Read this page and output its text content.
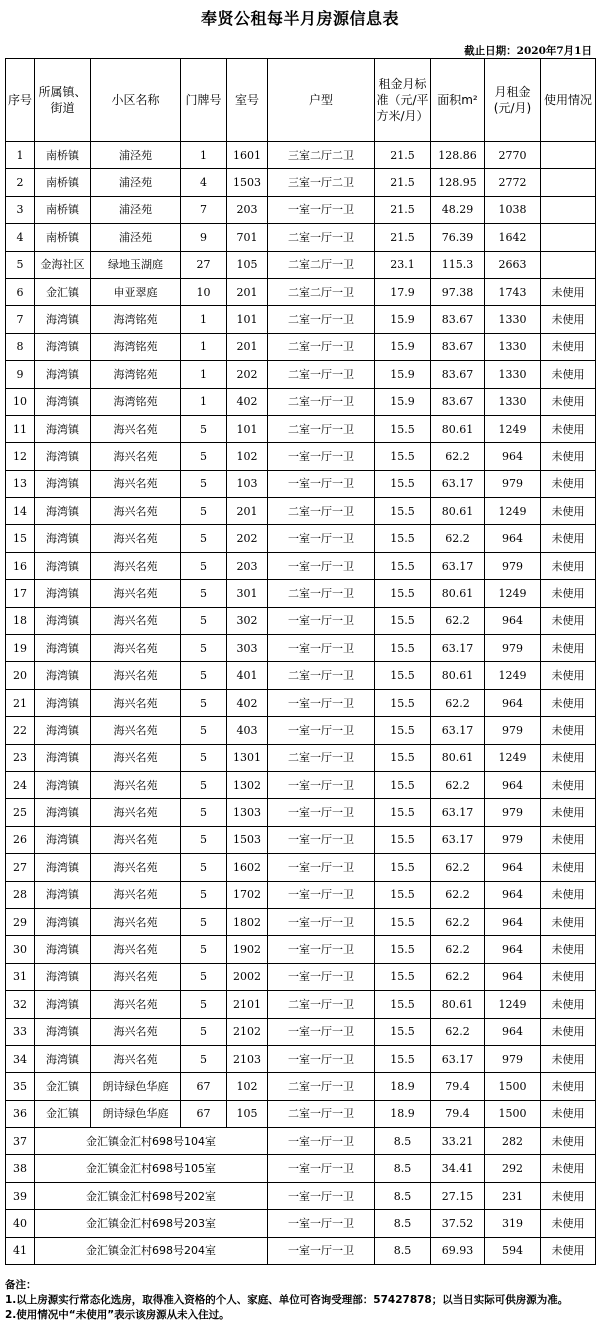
奉贤公租每半月房源信息表
截止日期：2020年7月1日
序号	所属镇、街道	小区名称	门牌号	室号	户型	租金月标准（元/平方米/月）	面积m²	月租金(元/月)	使用情况
1	南桥镇	浦泾苑	1	1601	三室二厅二卫	21.5	128.86	2770	
2	南桥镇	浦泾苑	4	1503	三室一厅二卫	21.5	128.95	2772	
3	南桥镇	浦泾苑	7	203	一室一厅一卫	21.5	48.29	1038	
4	南桥镇	浦泾苑	9	701	二室一厅一卫	21.5	76.39	1642	
5	金海社区	绿地玉湖庭	27	105	二室二厅一卫	23.1	115.3	2663	
6	金汇镇	申亚翠庭	10	201	二室二厅一卫	17.9	97.38	1743	未使用
7	海湾镇	海湾铭苑	1	101	二室一厅一卫	15.9	83.67	1330	未使用
8	海湾镇	海湾铭苑	1	201	二室一厅一卫	15.9	83.67	1330	未使用
9	海湾镇	海湾铭苑	1	202	二室一厅一卫	15.9	83.67	1330	未使用
10	海湾镇	海湾铭苑	1	402	二室一厅一卫	15.9	83.67	1330	未使用
11	海湾镇	海兴名苑	5	101	二室一厅一卫	15.5	80.61	1249	未使用
12	海湾镇	海兴名苑	5	102	一室一厅一卫	15.5	62.2	964	未使用
13	海湾镇	海兴名苑	5	103	一室一厅一卫	15.5	63.17	979	未使用
14	海湾镇	海兴名苑	5	201	二室一厅一卫	15.5	80.61	1249	未使用
15	海湾镇	海兴名苑	5	202	一室一厅一卫	15.5	62.2	964	未使用
16	海湾镇	海兴名苑	5	203	一室一厅一卫	15.5	63.17	979	未使用
17	海湾镇	海兴名苑	5	301	二室一厅一卫	15.5	80.61	1249	未使用
18	海湾镇	海兴名苑	5	302	一室一厅一卫	15.5	62.2	964	未使用
19	海湾镇	海兴名苑	5	303	一室一厅一卫	15.5	63.17	979	未使用
20	海湾镇	海兴名苑	5	401	二室一厅一卫	15.5	80.61	1249	未使用
21	海湾镇	海兴名苑	5	402	一室一厅一卫	15.5	62.2	964	未使用
22	海湾镇	海兴名苑	5	403	一室一厅一卫	15.5	63.17	979	未使用
23	海湾镇	海兴名苑	5	1301	二室一厅一卫	15.5	80.61	1249	未使用
24	海湾镇	海兴名苑	5	1302	一室一厅一卫	15.5	62.2	964	未使用
25	海湾镇	海兴名苑	5	1303	一室一厅一卫	15.5	63.17	979	未使用
26	海湾镇	海兴名苑	5	1503	一室一厅一卫	15.5	63.17	979	未使用
27	海湾镇	海兴名苑	5	1602	一室一厅一卫	15.5	62.2	964	未使用
28	海湾镇	海兴名苑	5	1702	一室一厅一卫	15.5	62.2	964	未使用
29	海湾镇	海兴名苑	5	1802	一室一厅一卫	15.5	62.2	964	未使用
30	海湾镇	海兴名苑	5	1902	一室一厅一卫	15.5	62.2	964	未使用
31	海湾镇	海兴名苑	5	2002	一室一厅一卫	15.5	62.2	964	未使用
32	海湾镇	海兴名苑	5	2101	二室一厅一卫	15.5	80.61	1249	未使用
33	海湾镇	海兴名苑	5	2102	一室一厅一卫	15.5	62.2	964	未使用
34	海湾镇	海兴名苑	5	2103	一室一厅一卫	15.5	63.17	979	未使用
35	金汇镇	朗诗绿色华庭	67	102	二室一厅一卫	18.9	79.4	1500	未使用
36	金汇镇	朗诗绿色华庭	67	105	二室一厅一卫	18.9	79.4	1500	未使用
37	金汇镇金汇村698号104室				一室一厅一卫	8.5	33.21	282	未使用
38	金汇镇金汇村698号105室				一室一厅一卫	8.5	34.41	292	未使用
39	金汇镇金汇村698号202室				一室一厅一卫	8.5	27.15	231	未使用
40	金汇镇金汇村698号203室				一室一厅一卫	8.5	37.52	319	未使用
41	金汇镇金汇村698号204室				一室一厅一卫	8.5	69.93	594	未使用
备注：
1.以上房源实行常态化选房，取得准入资格的个人、家庭、单位可咨询受理部：57427878；以当日实际可供房源为准。
2.使用情况中“未使用”表示该房源从未入住过。
